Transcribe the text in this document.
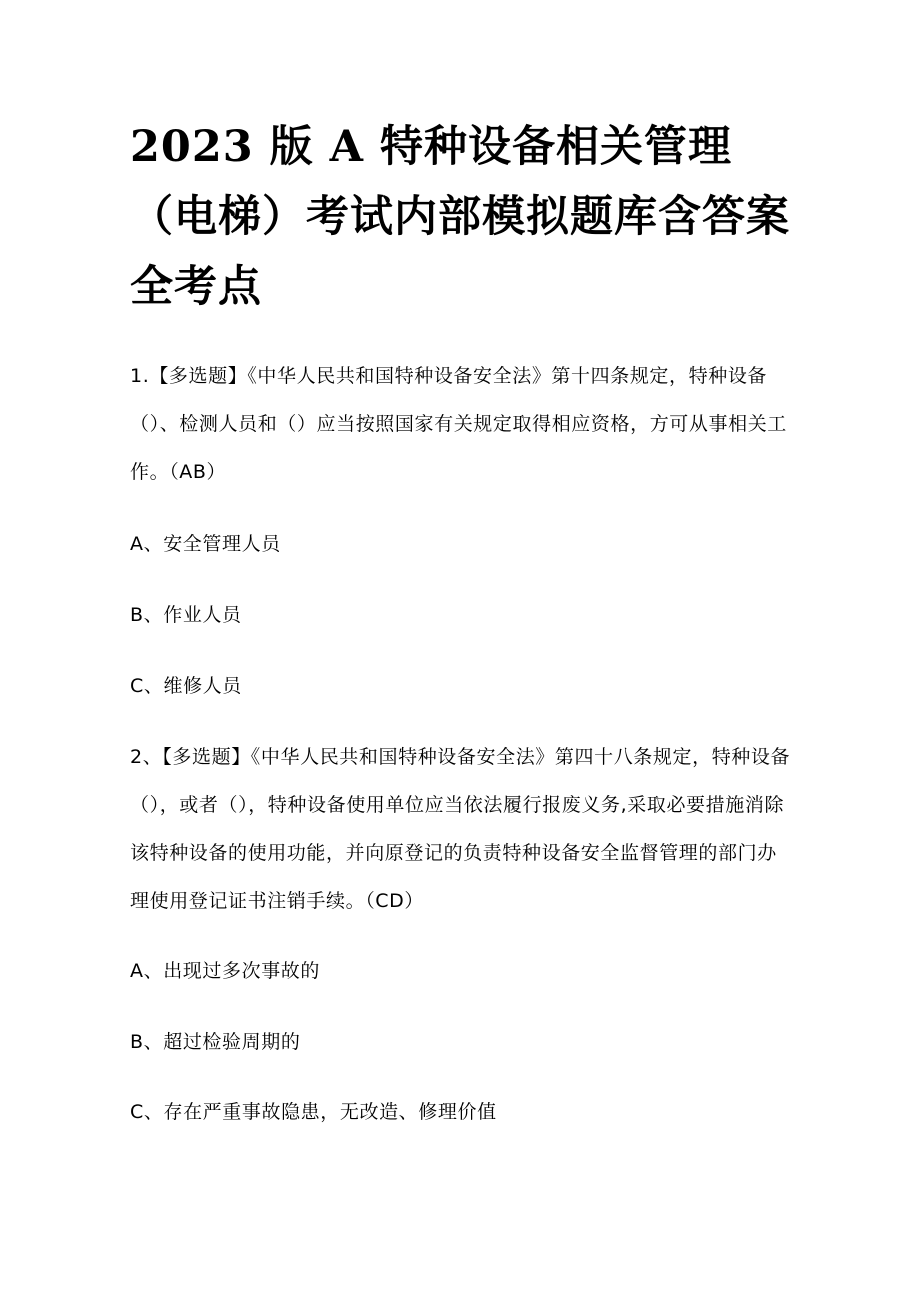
2023 版 A 特种设备相关管理（电梯）考试内部模拟题库含答案全考点

1.【多选题】《中华人民共和国特种设备安全法》第十四条规定，特种设备（）、检测人员和（）应当按照国家有关规定取得相应资格，方可从事相关工作。（AB）

A、安全管理人员

B、作业人员

C、维修人员

2、【多选题】《中华人民共和国特种设备安全法》第四十八条规定，特种设备（），或者（），特种设备使用单位应当依法履行报废义务,采取必要措施消除该特种设备的使用功能，并向原登记的负责特种设备安全监督管理的部门办理使用登记证书注销手续。（CD）

A、出现过多次事故的

B、超过检验周期的

C、存在严重事故隐患，无改造、修理价值
